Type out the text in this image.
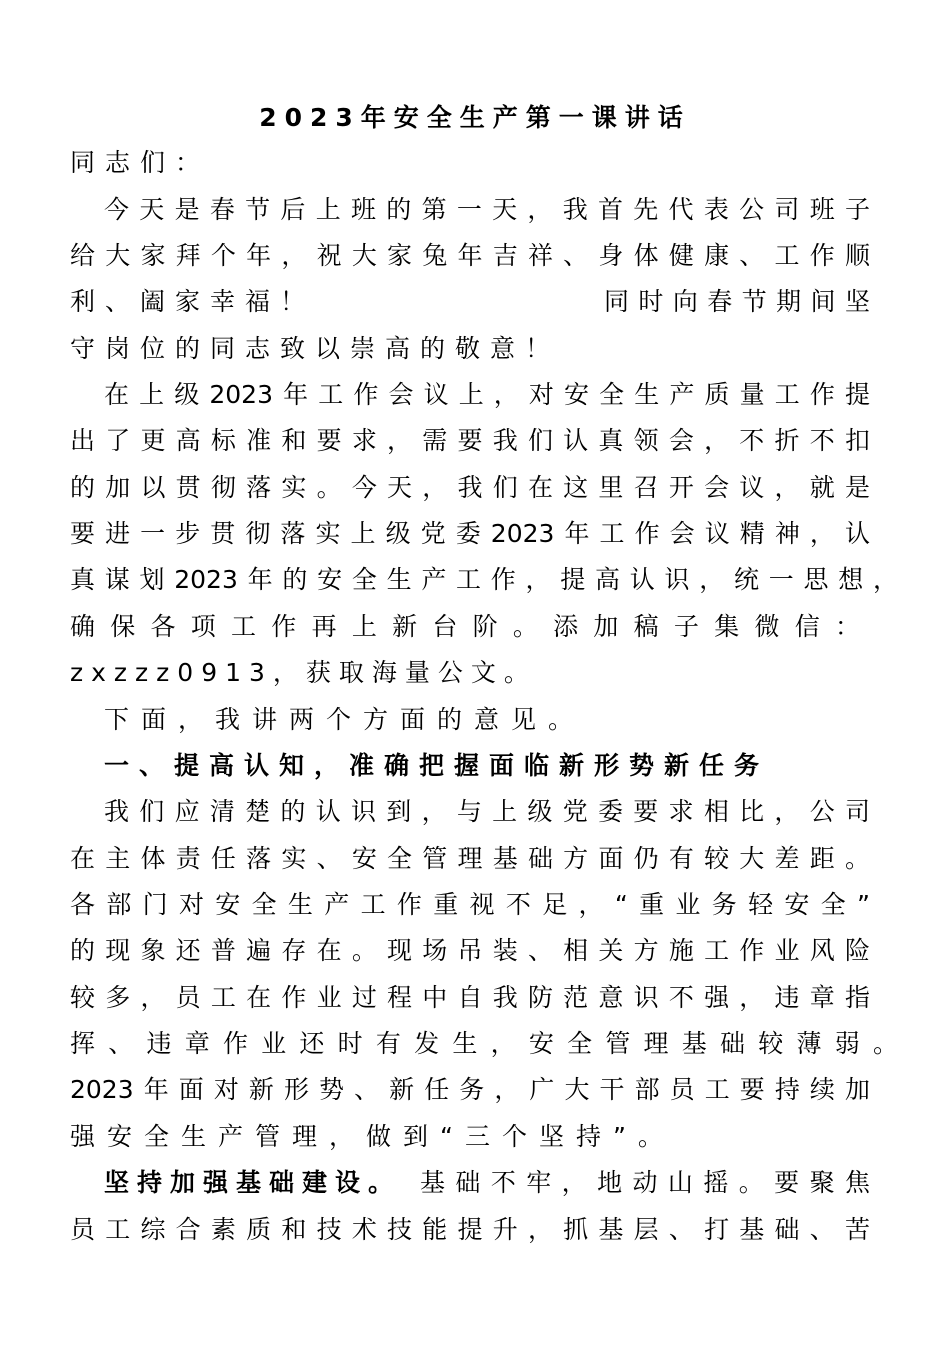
2023年安全生产第一课讲话
同志们：
今天是春节后上班的第一天，我首先代表公司班子
给大家拜个年，祝大家兔年吉祥、身体健康、工作顺
利、阖家幸福！	同时向春节期间坚
守岗位的同志致以崇高的敬意！
在上级2023年工作会议上，对安全生产质量工作提
出了更高标准和要求，需要我们认真领会，不折不扣
的加以贯彻落实。今天，我们在这里召开会议，就是
要进一步贯彻落实上级党委2023年工作会议精神，认
真谋划2023年的安全生产工作，提高认识，统一思想，
确保各项工作再上新台阶。添加稿子集微信：
zxzzz0913，获取海量公文。
下面，我讲两个方面的意见。
一、提高认知，准确把握面临新形势新任务
我们应清楚的认识到，与上级党委要求相比，公司
在主体责任落实、安全管理基础方面仍有较大差距。
各部门对安全生产工作重视不足，“重业务轻安全”
的现象还普遍存在。现场吊装、相关方施工作业风险
较多，员工在作业过程中自我防范意识不强，违章指
挥、违章作业还时有发生，安全管理基础较薄弱。
2023年面对新形势、新任务，广大干部员工要持续加
强安全生产管理，做到“三个坚持”。
坚持加强基础建设。 基础不牢，地动山摇。要聚焦
员工综合素质和技术技能提升，抓基层、打基础、苦
